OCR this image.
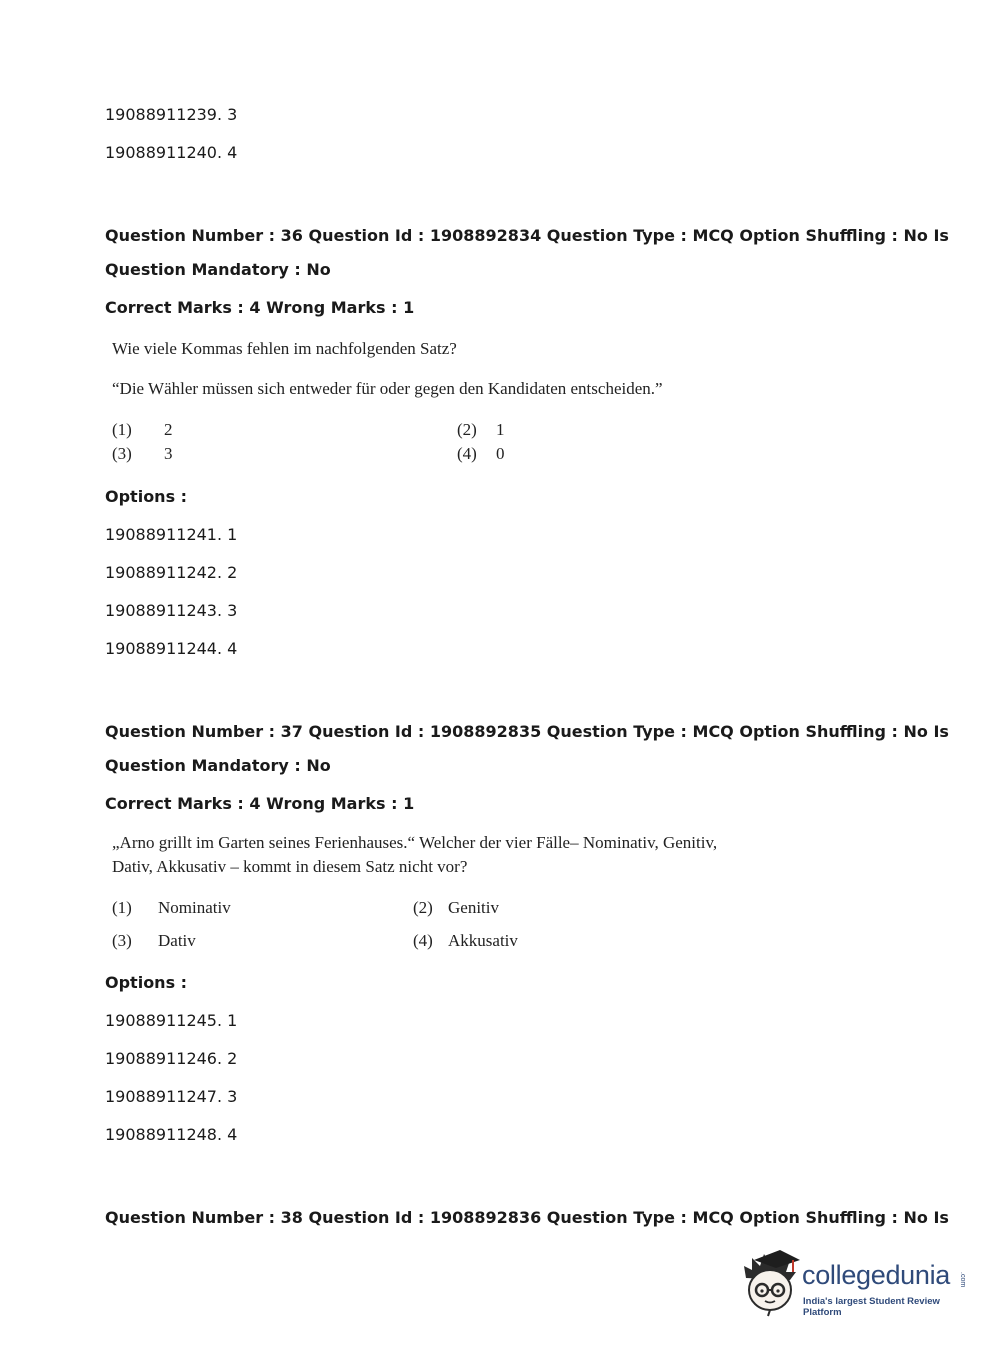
19088911239. 3
19088911240. 4
Question Number : 36 Question Id : 1908892834 Question Type : MCQ Option Shuffling : No Is
Question Mandatory : No
Correct Marks : 4 Wrong Marks : 1
Wie viele Kommas fehlen im nachfolgenden Satz?
“Die Wähler müssen sich entweder für oder gegen den Kandidaten entscheiden.”
(1) 2	(2) 1
(3) 3	(4) 0
Options :
19088911241. 1
19088911242. 2
19088911243. 3
19088911244. 4
Question Number : 37 Question Id : 1908892835 Question Type : MCQ Option Shuffling : No Is
Question Mandatory : No
Correct Marks : 4 Wrong Marks : 1
„Arno grillt im Garten seines Ferienhauses.“ Welcher der vier Fälle– Nominativ, Genitiv,
Dativ, Akkusativ – kommt in diesem Satz nicht vor?
(1) Nominativ	(2) Genitiv
(3) Dativ	(4) Akkusativ
Options :
19088911245. 1
19088911246. 2
19088911247. 3
19088911248. 4
Question Number : 38 Question Id : 1908892836 Question Type : MCQ Option Shuffling : No Is
collegedunia .com
India's largest Student Review Platform
